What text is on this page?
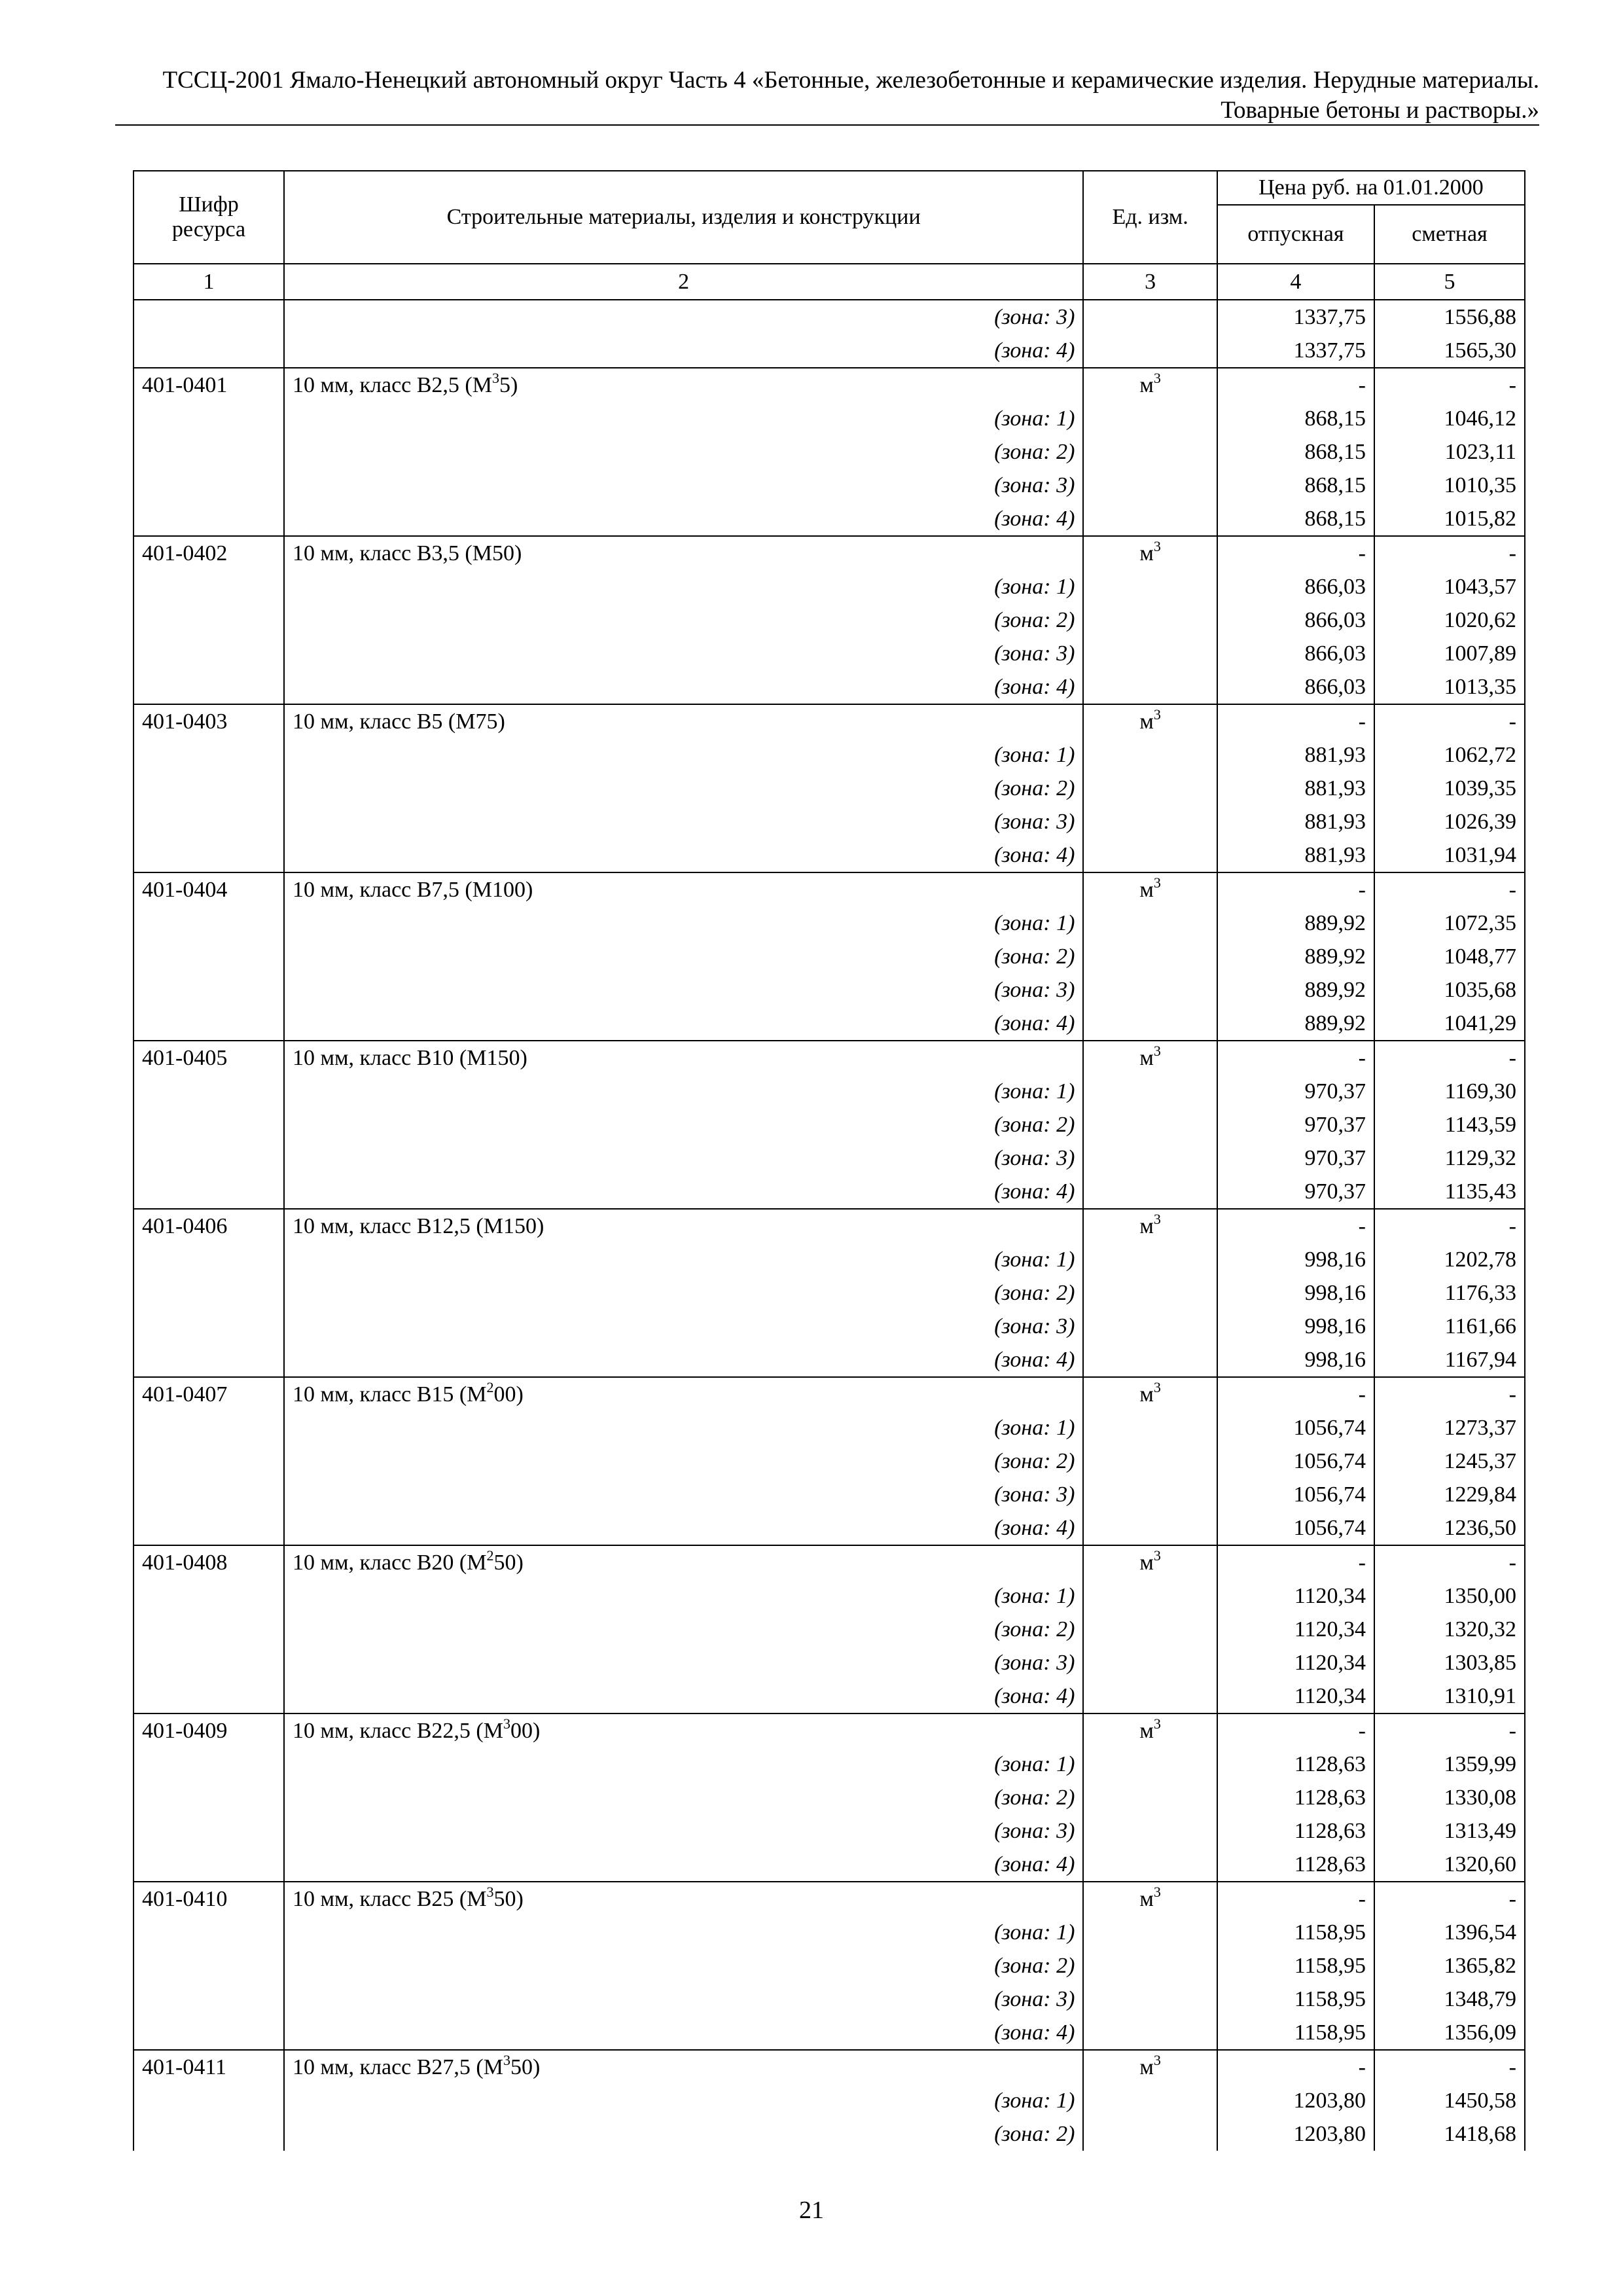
ТССЦ-2001 Ямало-Ненецкий автономный округ Часть 4 «Бетонные, железобетонные и керамические изделия. Нерудные материалы.
Товарные бетоны и растворы.»
Шифр ресурса	Строительные материалы, изделия и конструкции	Ед. изм.	Цена руб. на 01.01.2000	
			отпускная	сметная
1	2	3	4	5
	(зона: 3)		1337,75	1556,88
	(зона: 4)		1337,75	1565,30
401-0401	10 мм, класс В2,5 $(М^35)$	$м^3$	-	-
	(зона: 1)		868,15	1046,12
	(зона: 2)		868,15	1023,11
	(зона: 3)		868,15	1010,35
	(зона: 4)		868,15	1015,82
401-0402	10 мм, класс В3,5 (М50)	$м^3$	-	-
	(зона: 1)		866,03	1043,57
	(зона: 2)		866,03	1020,62
	(зона: 3)		866,03	1007,89
	(зона: 4)		866,03	1013,35
401-0403	10 мм, класс В5 (М75)	$м^3$	-	-
	(зона: 1)		881,93	1062,72
	(зона: 2)		881,93	1039,35
	(зона: 3)		881,93	1026,39
	(зона: 4)		881,93	1031,94
401-0404	10 мм, класс В7,5 (М100)	$м^3$	-	-
	(зона: 1)		889,92	1072,35
	(зона: 2)		889,92	1048,77
	(зона: 3)		889,92	1035,68
	(зона: 4)		889,92	1041,29
401-0405	10 мм, класс В10 (М150)	$м^3$	-	-
	(зона: 1)		970,37	1169,30
	(зона: 2)		970,37	1143,59
	(зона: 3)		970,37	1129,32
	(зона: 4)		970,37	1135,43
401-0406	10 мм, класс В12,5 (М150)	$м^3$	-	-
	(зона: 1)		998,16	1202,78
	(зона: 2)		998,16	1176,33
	(зона: 3)		998,16	1161,66
	(зона: 4)		998,16	1167,94
401-0407	10 мм, класс В15 $(М^200)$	$м^3$	-	-
	(зона: 1)		1056,74	1273,37
	(зона: 2)		1056,74	1245,37
	(зона: 3)		1056,74	1229,84
	(зона: 4)		1056,74	1236,50
401-0408	10 мм, класс В20 $(М^250)$	$м^3$	-	-
	(зона: 1)		1120,34	1350,00
	(зона: 2)		1120,34	1320,32
	(зона: 3)		1120,34	1303,85
	(зона: 4)		1120,34	1310,91
401-0409	10 мм, класс В22,5 $(М^300)$	$м^3$	-	-
	(зона: 1)		1128,63	1359,99
	(зона: 2)		1128,63	1330,08
	(зона: 3)		1128,63	1313,49
	(зона: 4)		1128,63	1320,60
401-0410	10 мм, класс В25 $(М^350)$	$м^3$	-	-
	(зона: 1)		1158,95	1396,54
	(зона: 2)		1158,95	1365,82
	(зона: 3)		1158,95	1348,79
	(зона: 4)		1158,95	1356,09
401-0411	10 мм, класс В27,5 $(М^350)$	$м^3$	-	-
	(зона: 1)		1203,80	1450,58
	(зона: 2)		1203,80	1418,68
21
